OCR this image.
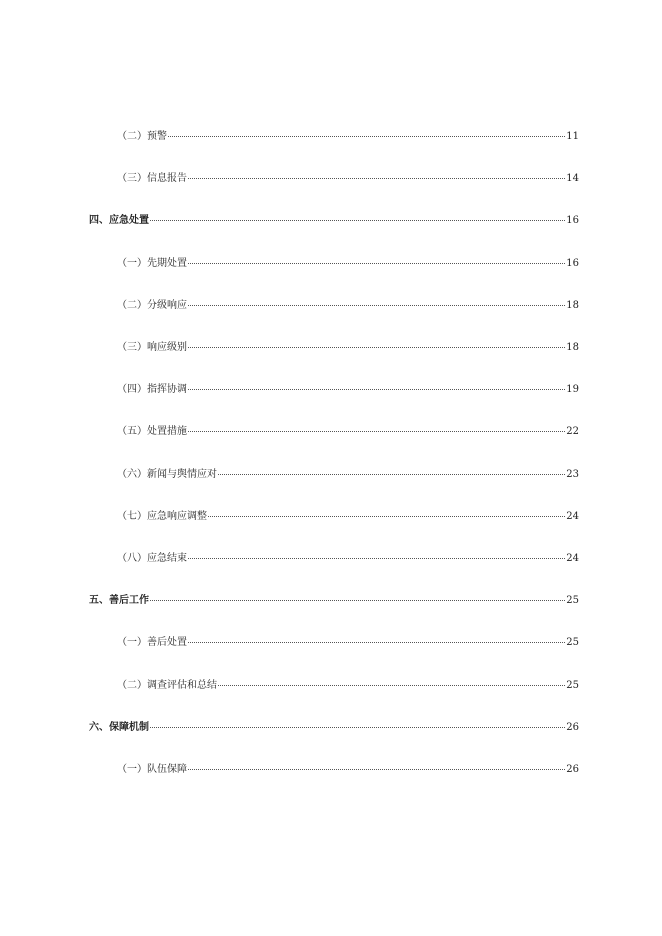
（二）预警	11
（三）信息报告	14
四、应急处置	16
（一）先期处置	16
（二）分级响应	18
（三）响应级别	18
（四）指挥协调	19
（五）处置措施	22
（六）新闻与舆情应对	23
（七）应急响应调整	24
（八）应急结束	24
五、善后工作	25
（一）善后处置	25
（二）调查评估和总结	25
六、保障机制	26
（一）队伍保障	26
